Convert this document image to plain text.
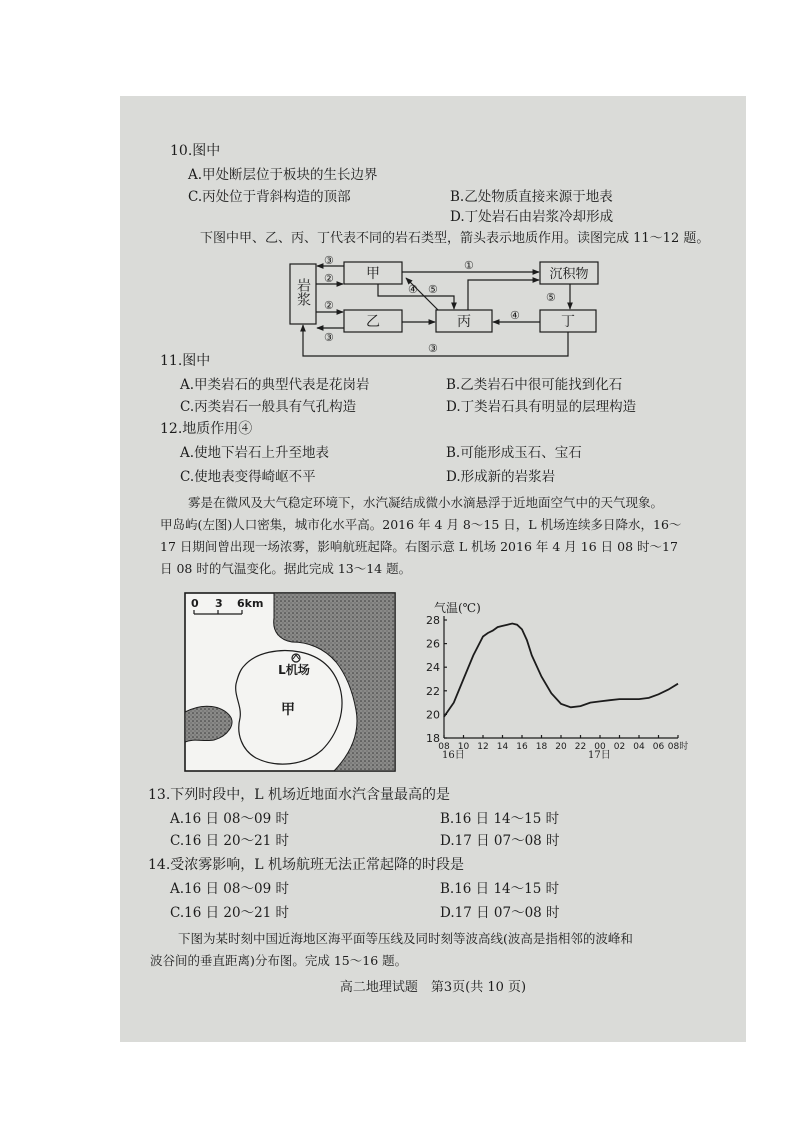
10.图中
A.甲处断层位于板块的生长边界
B.乙处物质直接来源于地表
C.丙处位于背斜构造的顶部
D.丁处岩石由岩浆冷却形成
下图中甲、乙、丙、丁代表不同的岩石类型，箭头表示地质作用。读图完成 11～12 题。
岩浆
甲
乙	丙	丁
沉积物
③
②
②
③
①
④ ⑤
⑤
④
③
11.图中
A.甲类岩石的典型代表是花岗岩	B.乙类岩石中很可能找到化石
C.丙类岩石一般具有气孔构造	D.丁类岩石具有明显的层理构造
12.地质作用④
A.使地下岩石上升至地表	B.可能形成玉石、宝石
C.使地表变得崎岖不平	D.形成新的岩浆岩
雾是在微风及大气稳定环境下，水汽凝结成微小水滴悬浮于近地面空气中的天气现象。
甲岛屿(左图)人口密集，城市化水平高。2016 年 4 月 8～15 日，L 机场连续多日降水，16～
17 日期间曾出现一场浓雾，影响航班起降。右图示意 L 机场 2016 年 4 月 16 日 08 时～17
日 08 时的气温变化。据此完成 13～14 题。
0 3 6km
L机场
甲
气温(℃)
18
20
22
24
26
28
08 10 12 14 16 18 20 22 00 02 04 06 08时
16日	17日
13.下列时段中，L 机场近地面水汽含量最高的是
A.16 日 08～09 时	B.16 日 14～15 时
C.16 日 20～21 时	D.17 日 07～08 时
14.受浓雾影响，L 机场航班无法正常起降的时段是
A.16 日 08～09 时	B.16 日 14～15 时
C.16 日 20～21 时	D.17 日 07～08 时
下图为某时刻中国近海地区海平面等压线及同时刻等波高线(波高是指相邻的波峰和
波谷间的垂直距离)分布图。完成 15～16 题。
高二地理试题　第3页(共 10 页)
